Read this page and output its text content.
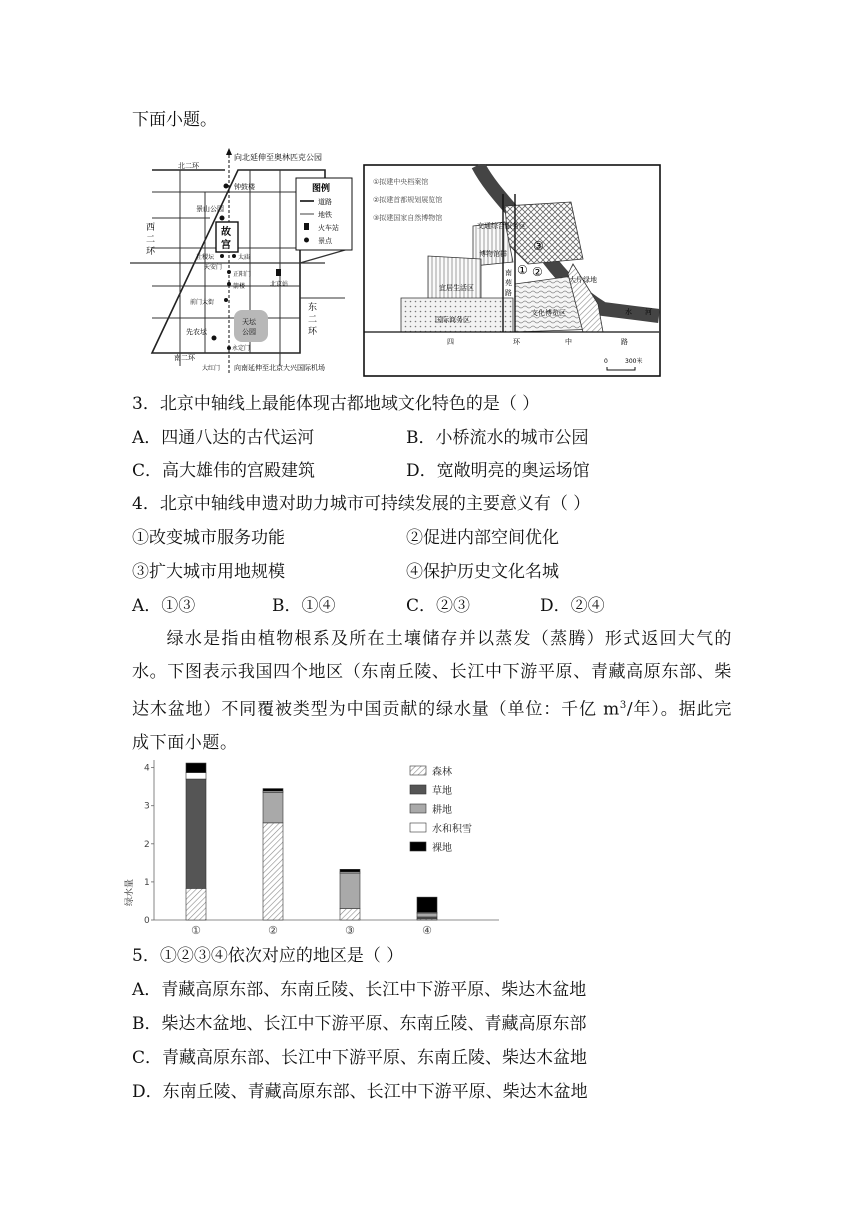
下面小题。
向北延伸至奥林匹克公园
北二环
西
二
环
东
二
环
南二环
钟鼓楼
景山公园
故
宫
社稷坛	太庙
天安门
正阳门
箭楼
前门大街
北京站
天坛
公园
先农坛
永定门
大红门 向南延伸至北京大兴国际机场
图例
道路
地铁
火车站
景点
①拟建中央档案馆
②拟建首都规划展览馆
③拟建国家自然博物馆
交通综合服务区
博物馆群
宜居生活区
国际商务区
文化博览区
大片绿地
南
苑
路	凉
水 河
① ②
③
四	环	中	路
0	300米
3．北京中轴线上最能体现古都地域文化特色的是（ ）
A．四通八达的古代运河	B．小桥流水的城市公园
C．高大雄伟的宫殿建筑	D．宽敞明亮的奥运场馆
4．北京中轴线申遗对助力城市可持续发展的主要意义有（ ）
①改变城市服务功能	②促进内部空间优化
③扩大城市用地规模	④保护历史文化名城
A．①③	B．①④	C．②③	D．②④
绿水是指由植物根系及所在土壤储存并以蒸发（蒸腾）形式返回大气的水。下图表示我国四个地区（东南丘陵、长江中下游平原、青藏高原东部、柴达木盆地）不同覆被类型为中国贡献的绿水量（单位：千亿 $m^3/$年）。据此完成下面小题。
0
1
2
3
4
绿水量
①	②	③	④
森林
草地
耕地
水和积雪
裸地
5．①②③④依次对应的地区是（ ）
A．青藏高原东部、东南丘陵、长江中下游平原、柴达木盆地
B．柴达木盆地、长江中下游平原、东南丘陵、青藏高原东部
C．青藏高原东部、长江中下游平原、东南丘陵、柴达木盆地
D．东南丘陵、青藏高原东部、长江中下游平原、柴达木盆地
